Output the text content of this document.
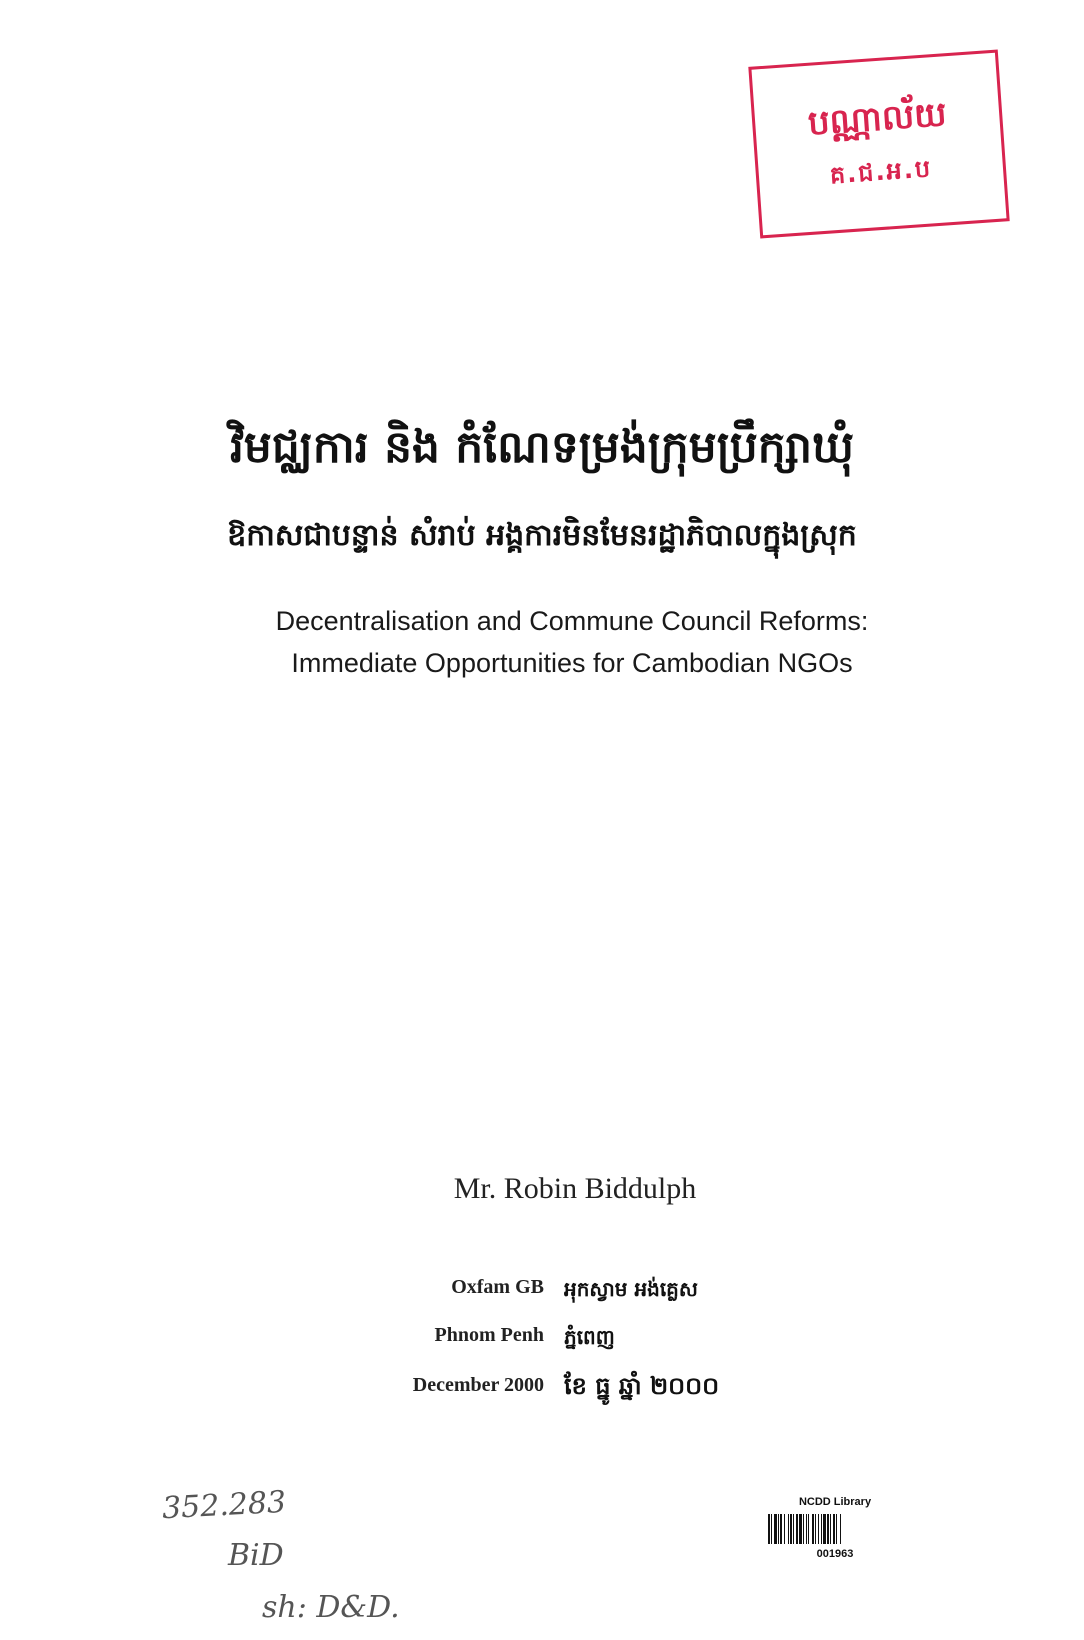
បណ្ណាល័យ
គ.ជ.អ.ប
វិមជ្ឈការ និង កំណែទម្រង់ក្រុមប្រឹក្សាឃុំ
ឱកាសជាបន្ទាន់ សំរាប់ អង្គការមិនមែនរដ្ឋាភិបាលក្នុងស្រុក
Decentralisation and Commune Council Reforms:
Immediate Opportunities for Cambodian NGOs
Mr. Robin Biddulph
Oxfam GB អុកស្វាម អង់គ្លេស
Phnom Penh ភ្នំពេញ
December 2000 ខែ ធ្នូ ឆ្នាំ ២០០០
352.283
BiD
sh: D&D.
NCDD Library
001963
